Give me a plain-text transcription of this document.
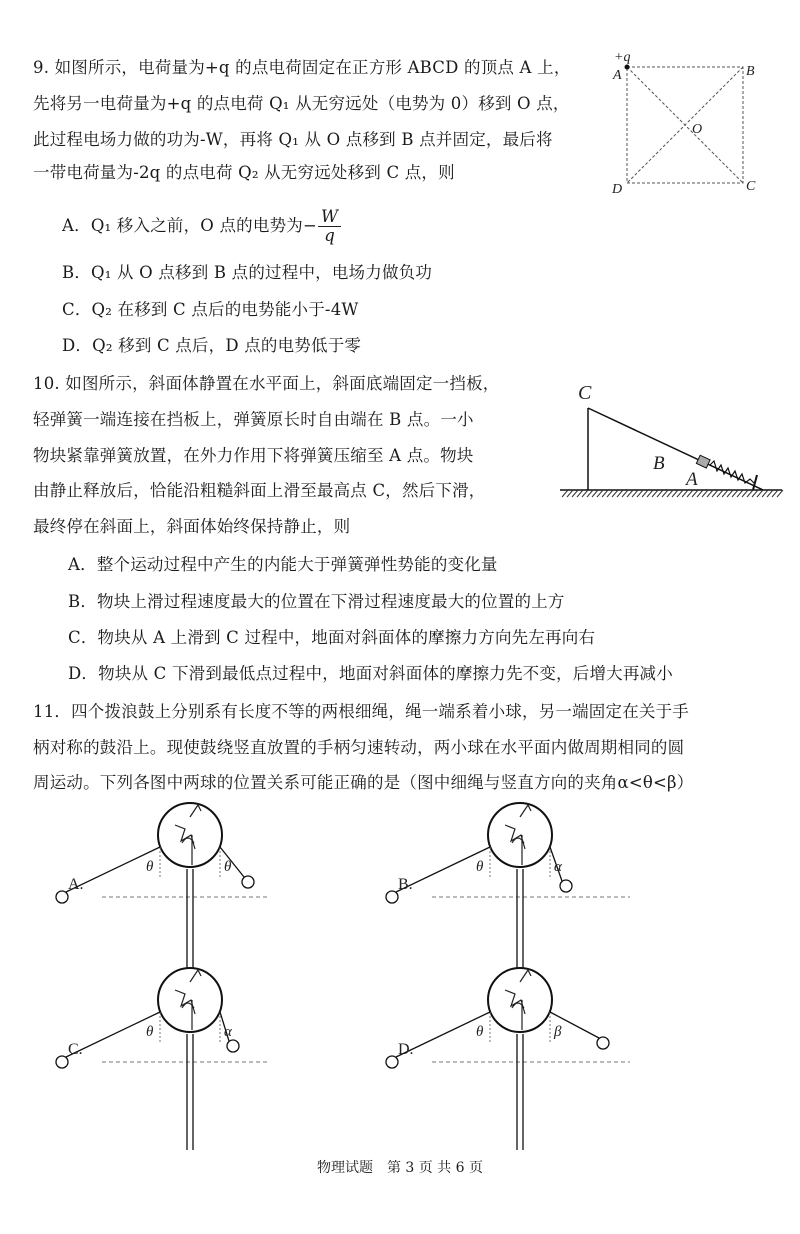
9. 如图所示，电荷量为+q 的点电荷固定在正方形 ABCD 的顶点 A 上，
先将另一电荷量为+q 的点电荷 Q₁ 从无穷远处（电势为 0）移到 O 点，
此过程电场力做的功为-W，再将 Q₁ 从 O 点移到 B 点并固定，最后将
一带电荷量为-2q 的点电荷 Q₂ 从无穷远处移到 C 点，则
A．Q₁ 移入之前，O 点的电势为− $\frac{W}{q}$
B．Q₁ 从 O 点移到 B 点的过程中，电场力做负功
C．Q₂ 在移到 C 点后的电势能小于-4W
D．Q₂ 移到 C 点后，D 点的电势低于零
+q
A	B
C
D
O
10. 如图所示，斜面体静置在水平面上，斜面底端固定一挡板，
轻弹簧一端连接在挡板上，弹簧原长时自由端在 B 点。一小
物块紧靠弹簧放置，在外力作用下将弹簧压缩至 A 点。物块
由静止释放后，恰能沿粗糙斜面上滑至最高点 C，然后下滑，
最终停在斜面上，斜面体始终保持静止，则
A．整个运动过程中产生的内能大于弹簧弹性势能的变化量
B．物块上滑过程速度最大的位置在下滑过程速度最大的位置的上方
C．物块从 A 上滑到 C 过程中，地面对斜面体的摩擦力方向先左再向右
D．物块从 C 下滑到最低点过程中，地面对斜面体的摩擦力先不变，后增大再减小
C
B
A
11．四个拨浪鼓上分别系有长度不等的两根细绳，绳一端系着小球，另一端固定在关于手
柄对称的鼓沿上。现使鼓绕竖直放置的手柄匀速转动，两小球在水平面内做周期相同的圆
周运动。下列各图中两球的位置关系可能正确的是（图中细绳与竖直方向的夹角α<θ<β）
θ	θ
A.
θ	α
B.
θ	α
C.
θ	β
D.
物理试题　第 3 页 共 6 页
